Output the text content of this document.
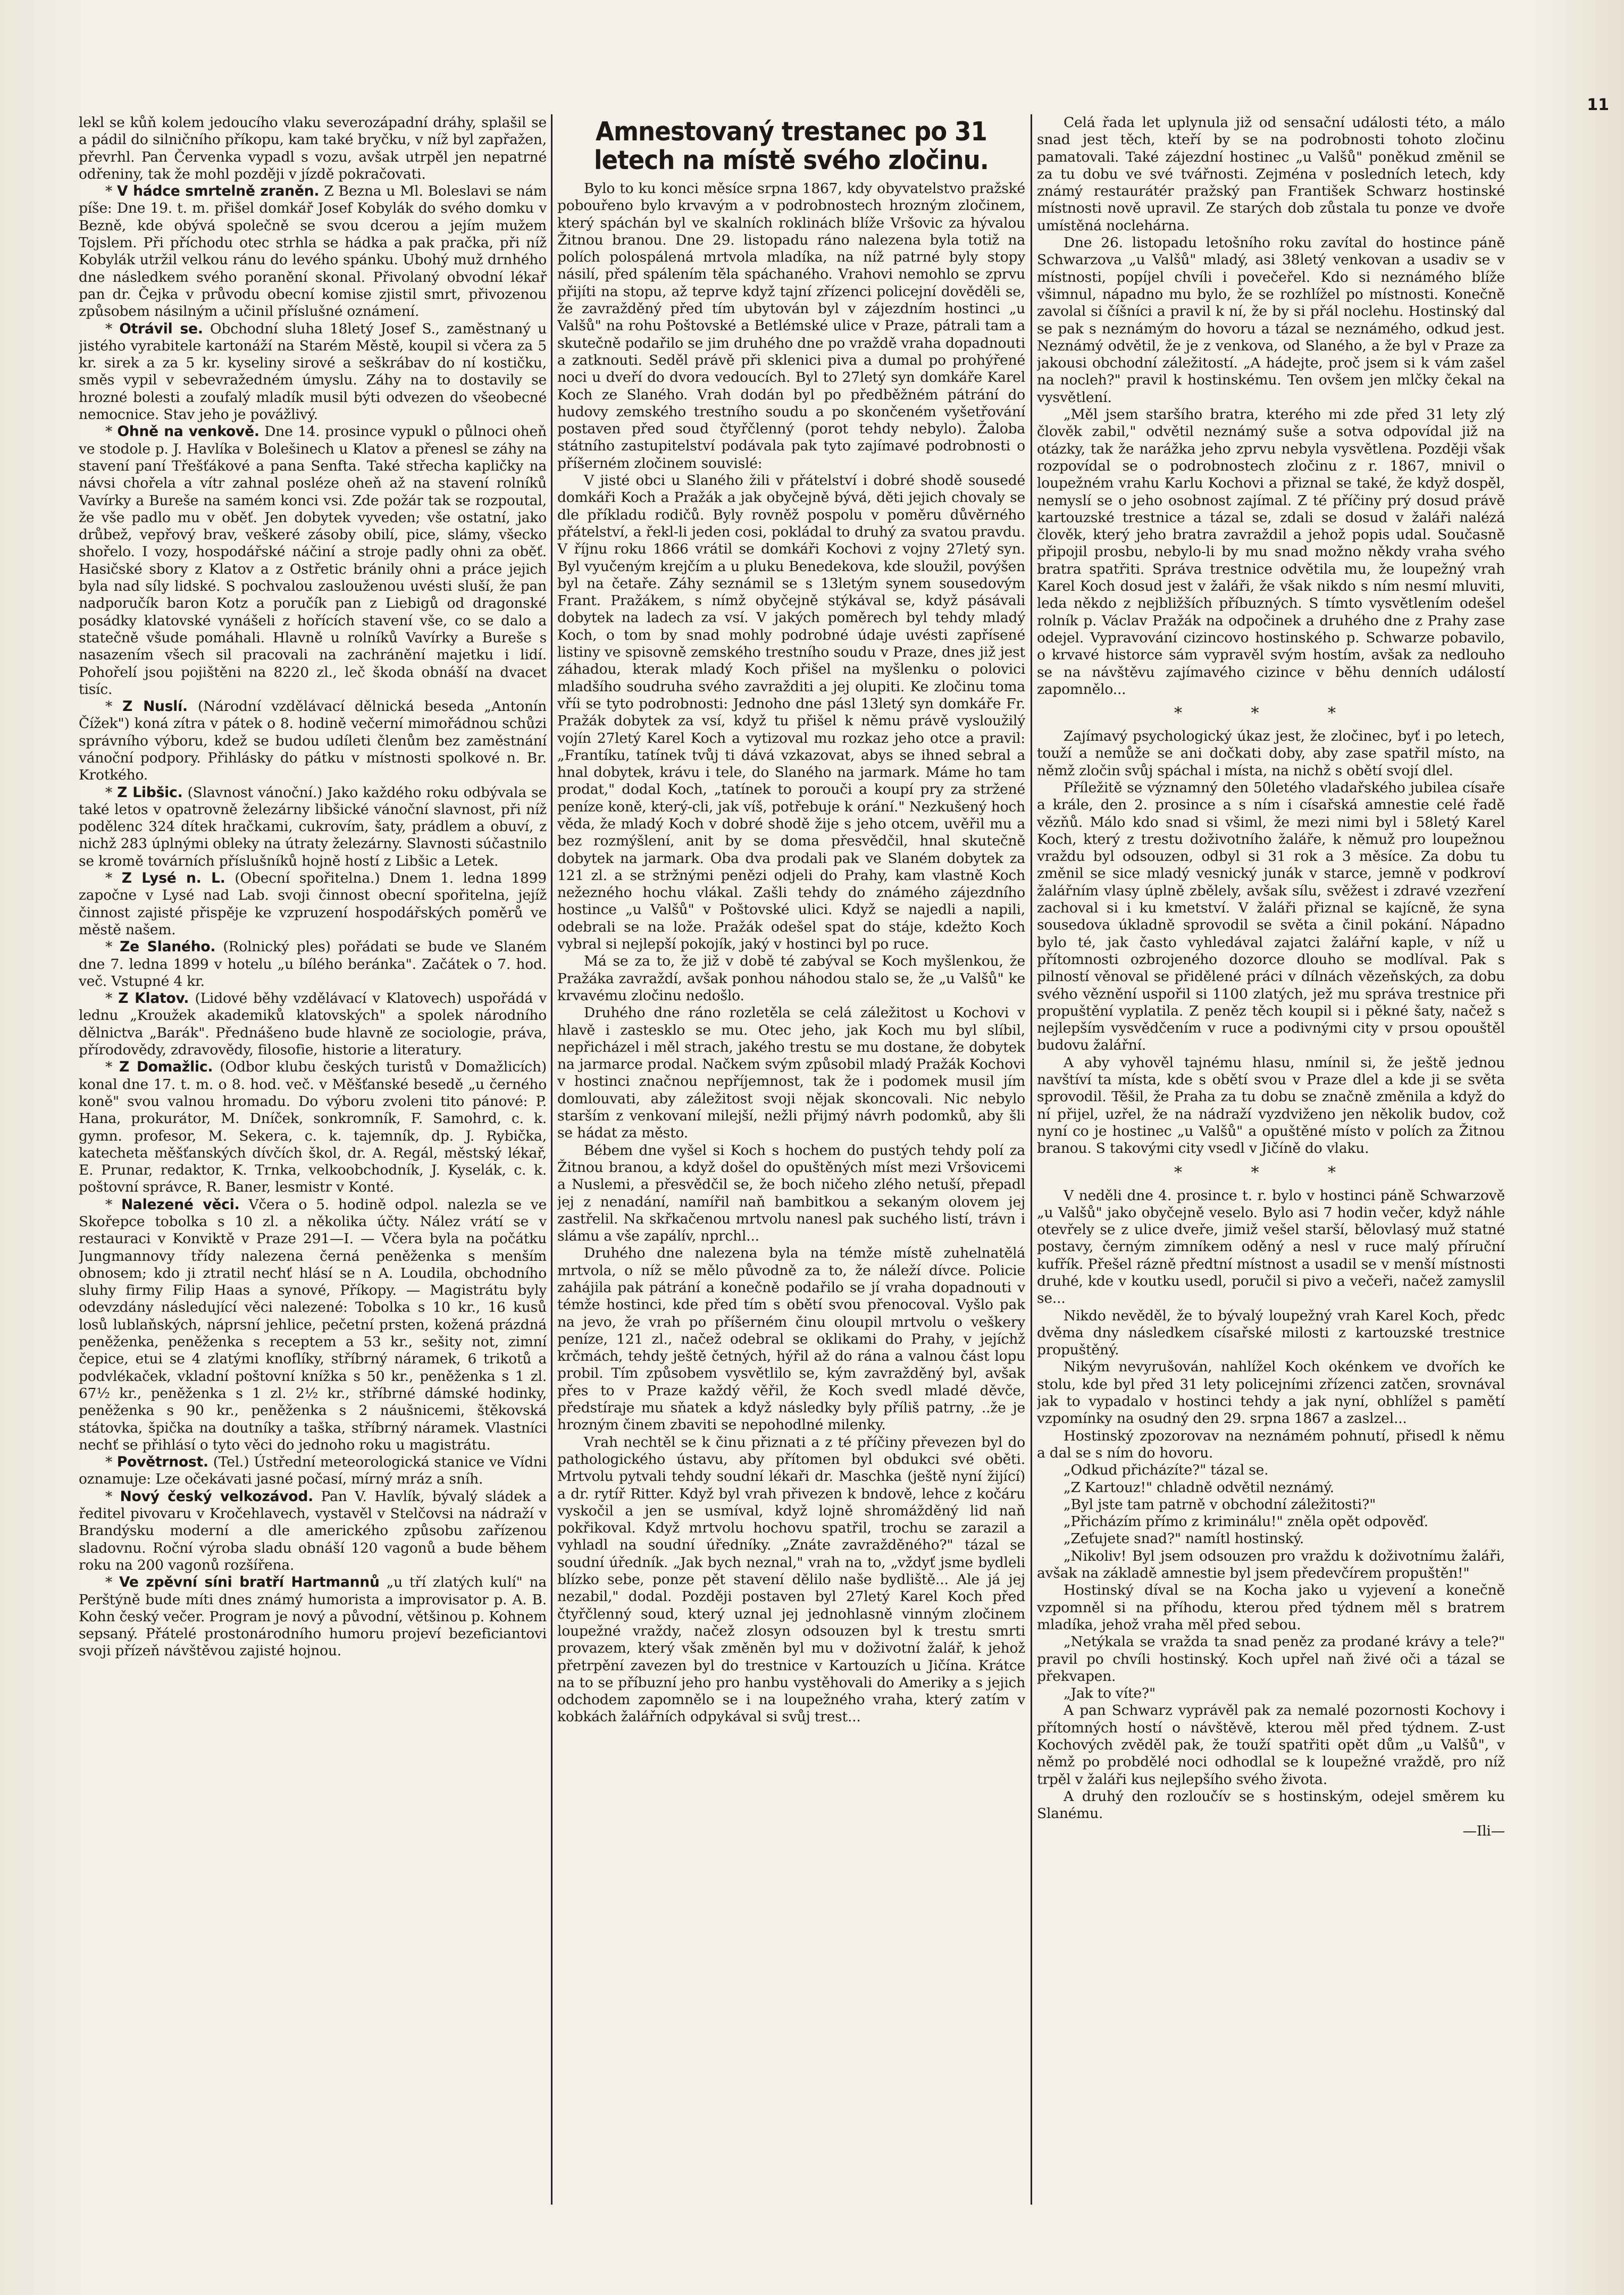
11

lekl se kůň kolem jedoucího vlaku severozápadní dráhy, splašil se a pádil do silničního příkopu, kam také bryčku, v níž byl zapřažen, převrhl. Pan Červenka vypadl s vozu, avšak utrpěl jen nepatrné odřeniny, tak že mohl později v jízdě pokračovati.

* V hádce smrtelně zraněn. Z Bezna u Ml. Boleslavi se nám píše: Dne 19. t. m. přišel domkář Josef Kobylák do svého domku v Bezně, kde obývá společně se svou dcerou a jejím mužem Tojslem. Při příchodu otec strhla se hádka a pak pračka, při níž Kobylák utržil velkou ránu do levého spánku. Ubohý muž drnhého dne následkem svého poranění skonal. Přivolaný obvodní lékař pan dr. Čejka v průvodu obecní komise zjistil smrt, přivozenou způsobem násilným a učinil příslušné oznámení.

* Otrávil se. Obchodní sluha 18letý Josef S., zaměstnaný u jistého vyrabitele kartonáží na Starém Městě, koupil si včera za 5 kr. sirek a za 5 kr. kyseliny sirové a seškrábav do ní kostičku, směs vypil v sebevražedném úmyslu. Záhy na to dostavily se hrozné bolesti a zoufalý mladík musil býti odvezen do všeobecné nemocnice. Stav jeho je povážlivý.

* Ohně na venkově. Dne 14. prosince vypukl o půlnoci oheň ve stodole p. J. Havlíka v Bolešinech u Klatov a přenesl se záhy na stavení paní Třešťákové a pana Senfta. Také střecha kapličky na návsi chořela a vítr zahnal posléze oheň až na stavení rolníků Vavírky a Bureše na samém konci vsi. Zde požár tak se rozpoutal, že vše padlo mu v oběť. Jen dobytek vyveden; vše ostatní, jako drůbež, vepřový brav, veškeré zásoby obilí, pice, slámy, všecko shořelo. I vozy, hospodářské náčiní a stroje padly ohni za oběť. Hasičské sbory z Klatov a z Ostřetic bránily ohni a práce jejich byla nad síly lidské. S pochvalou zaslouženou uvésti sluší, že pan nadporučík baron Kotz a poručík pan z Liebigů od dragonské posádky klatovské vynášeli z hořících stavení vše, co se dalo a statečně všude pomáhali. Hlavně u rolníků Vavírky a Bureše s nasazením všech sil pracovali na zachránění majetku i lidí. Pohořelí jsou pojištěni na 8220 zl., leč škoda obnáší na dvacet tisíc.

* Z Nuslí. (Národní vzdělávací dělnická beseda „Antonín Čížek") koná zítra v pátek o 8. hodině večerní mimořádnou schůzi správního výboru, kdež se budou udíleti členům bez zaměstnání vánoční podpory. Přihlásky do pátku v místnosti spolkové n. Br. Krotkého.

* Z Libšic. (Slavnost vánoční.) Jako každého roku odbývala se také letos v opatrovně železárny libšické vánoční slavnost, při níž podělenc 324 dítek hračkami, cukrovím, šaty, prádlem a obuví, z nichž 283 úplnými obleky na útraty železárny. Slavnosti súčastnilo se kromě továrních příslušníků hojně hostí z Libšic a Letek.

* Z Lysé n. L. (Obecní spořitelna.) Dnem 1. ledna 1899 započne v Lysé nad Lab. svoji činnost obecní spořitelna, jejíž činnost zajisté přispěje ke vzpruzení hospodářských poměrů ve městě našem.

* Ze Slaného. (Rolnický ples) pořádati se bude ve Slaném dne 7. ledna 1899 v hotelu „u bílého beránka". Začátek o 7. hod. več. Vstupné 4 kr.

* Z Klatov. (Lidové běhy vzdělávací v Klatovech) uspořádá v lednu „Kroužek akademiků klatovských" a spolek národního dělnictva „Barák". Přednášeno bude hlavně ze sociologie, práva, přírodovědy, zdravovědy, filosofie, historie a literatury.

* Z Domažlic. (Odbor klubu českých turistů v Domažlicích) konal dne 17. t. m. o 8. hod. več. v Měšťanské besedě „u černého koně" svou valnou hromadu. Do výboru zvoleni tito pánové: P. Hana, prokurátor, M. Dníček, sonkromník, F. Samohrd, c. k. gymn. profesor, M. Sekera, c. k. tajemník, dp. J. Rybička, katecheta měšťanských dívčích škol, dr. A. Regál, městský lékař, E. Prunar, redaktor, K. Trnka, velkoobchodník, J. Kyselák, c. k. poštovní správce, R. Baner, lesmistr v Konté.

* Nalezené věci. Včera o 5. hodině odpol. nalezla se ve Skořepce tobolka s 10 zl. a několika účty. Nález vrátí se v restauraci v Konviktě v Praze 291—I. — Včera byla na počátku Jungmannovy třídy nalezena černá peněženka s menším obnosem; kdo ji ztratil nechť hlásí se n A. Loudila, obchodního sluhy firmy Filip Haas a synové, Příkopy. — Magistrátu byly odevzdány následující věci nalezené: Tobolka s 10 kr., 16 kusů losů lublaňských, náprsní jehlice, pečetní prsten, kožená prázdná peněženka, peněženka s receptem a 53 kr., sešity not, zimní čepice, etui se 4 zlatými knoflíky, stříbrný náramek, 6 trikotů a podvlékaček, vkladní poštovní knížka s 50 kr., peněženka s 1 zl. 67½ kr., peněženka s 1 zl. 2½ kr., stříbrné dámské hodinky, peněženka s 90 kr., peněženka s 2 náušnicemi, štěkovská státovka, špička na doutníky a taška, stříbrný náramek. Vlastníci nechť se přihlásí o tyto věci do jednoho roku u magistrátu.

* Povětrnost. (Tel.) Ústřední meteorologická stanice ve Vídni oznamuje: Lze očekávati jasné počasí, mírný mráz a sníh.

* Nový český velkozávod. Pan V. Havlík, bývalý sládek a ředitel pivovaru v Kročehlavech, vystavěl v Stelčovsi na nádraží v Brandýsku moderní a dle amerického způsobu zařízenou sladovnu. Roční výroba sladu obnáší 120 vagonů a bude během roku na 200 vagonů rozšířena.

* Ve zpěvní síni bratří Hartmannů „u tří zlatých kulí" na Perštýně bude míti dnes známý humorista a improvisator p. A. B. Kohn český večer. Program je nový a původní, většinou p. Kohnem sepsaný. Přátelé prostonárodního humoru projeví bezeficiantovi svoji přízeň návštěvou zajisté hojnou.

Amnestovaný trestanec po 31 letech na místě svého zločinu.

Bylo to ku konci měsíce srpna 1867, kdy obyvatelstvo pražské pobouřeno bylo krvavým a v podrobnostech hrozným zločinem, který spáchán byl ve skalních roklinách blíže Vršovic za hývalou Žitnou branou. Dne 29. listopadu ráno nalezena byla totiž na polích polospálená mrtvola mladíka, na níž patrné byly stopy násilí, před spálením těla spáchaného. Vrahovi nemohlo se zprvu přijíti na stopu, až teprve když tajní zřízenci policejní dověděli se, že zavražděný před tím ubytován byl v zájezdním hostinci „u Valšů" na rohu Poštovské a Betlémské ulice v Praze, pátrali tam a skutečně podařilo se jim druhého dne po vraždě vraha dopadnouti a zatknouti. Seděl právě při sklenici piva a dumal po prohýřené noci u dveří do dvora vedoucích. Byl to 27letý syn domkáře Karel Koch ze Slaného. Vrah dodán byl po předběžném pátrání do hudovy zemského trestního soudu a po skončeném vyšetřování postaven před soud čtyřčlenný (porot tehdy nebylo). Žaloba státního zastupitelství podávala pak tyto zajímavé podrobnosti o příšerném zločinem souvislé:

V jisté obci u Slaného žili v přátelství i dobré shodě sousedé domkáři Koch a Pražák a jak obyčejně bývá, děti jejich chovaly se dle příkladu rodičů. Byly rovněž pospolu v poměru důvěrného přátelství, a řekl-li jeden cosi, pokládal to druhý za svatou pravdu. V říjnu roku 1866 vrátil se domkáři Kochovi z vojny 27letý syn. Byl vyučeným krejčím a u pluku Benedekova, kde sloužil, povýšen byl na četaře. Záhy seznámil se s 13letým synem sousedovým Frant. Pražákem, s nímž obyčejně stýkával se, když pásávali dobytek na ladech za vsí. V jakých poměrech byl tehdy mladý Koch, o tom by snad mohly podrobné údaje uvésti zapřísené listiny ve spisovně zemského trestního soudu v Praze, dnes již jest záhadou, kterak mladý Koch přišel na myšlenku o polovici mladšího soudruha svého zavražditi a jej olupiti. Ke zločinu toma vříi se tyto podrobnosti: Jednoho dne pásl 13letý syn domkáře Fr. Pražák dobytek za vsí, když tu přišel k němu právě vysloužilý vojín 27letý Karel Koch a vytizoval mu rozkaz jeho otce a pravil: „Frantíku, tatínek tvůj ti dává vzkazovat, abys se ihned sebral a hnal dobytek, krávu i tele, do Slaného na jarmark. Máme ho tam prodat," dodal Koch, „tatínek to porouči a koupí pry za stržené peníze koně, který-cli, jak víš, potřebuje k orání." Nezkušený hoch věda, že mladý Koch v dobré shodě žije s jeho otcem, uvěřil mu a bez rozmýšlení, anit by se doma přesvědčil, hnal skutečně dobytek na jarmark. Oba dva prodali pak ve Slaném dobytek za 121 zl. a se stržnými penězi odjeli do Prahy, kam vlastně Koch nežezného hochu vlákal. Zašli tehdy do známého zájezdního hostince „u Valšů" v Poštovské ulici. Když se najedli a napili, odebrali se na lože. Pražák odešel spat do stáje, kdežto Koch vybral si nejlepší pokojík, jaký v hostinci byl po ruce.

Má se za to, že již v době té zabýval se Koch myšlenkou, že Pražáka zavraždí, avšak ponhou náhodou stalo se, že „u Valšů" ke krvavému zločinu nedošlo.

Druhého dne ráno rozletěla se celá záležitost u Kochovi v hlavě i zastesklo se mu. Otec jeho, jak Koch mu byl slíbil, nepřicházel i měl strach, jakého trestu se mu dostane, že dobytek na jarmarce prodal. Načkem svým způsobil mladý Pražák Kochovi v hostinci značnou nepříjemnost, tak že i podomek musil jím domlouvati, aby záležitost svoji nějak skoncovali. Nic nebylo starším z venkovaní milejší, nežli přijmý návrh podomků, aby šli se hádat za město.

Bébem dne vyšel si Koch s hochem do pustých tehdy polí za Žitnou branou, a když došel do opuštěných míst mezi Vršovicemi a Nuslemi, a přesvědčil se, že boch ničeho zlého netuší, přepadl jej z nenadání, namířil naň bambitkou a sekaným olovem jej zastřelil. Na skřkačenou mrtvolu nanesl pak suchého listí, trávn i slámu a vše zapálív, nprchl...

Druhého dne nalezena byla na témže místě zuhelnatělá mrtvola, o níž se mělo původně za to, že náleží dívce. Policie zahájila pak pátrání a konečně podařilo se jí vraha dopadnouti v témže hostinci, kde před tím s obětí svou přenocoval. Vyšlo pak na jevo, že vrah po příšerném činu oloupil mrtvolu o veškery peníze, 121 zl., načež odebral se oklikami do Prahy, v jejíchž krčmách, tehdy ještě četných, hýřil až do rána a valnou část lopu probil. Tím způsobem vysvětlilo se, kým zavražděný byl, avšak přes to v Praze každý věřil, že Koch svedl mladé děvče, předstíraje mu sňatek a když následky byly příliš patrny, ..že je hrozným činem zbaviti se nepohodlné milenky.

Vrah nechtěl se k činu přiznati a z té příčiny převezen byl do pathologického ústavu, aby přítomen byl obdukci své oběti. Mrtvolu pytvali tehdy soudní lékaři dr. Maschka (ještě nyní žijící) a dr. rytíř Ritter. Když byl vrah přivezen k bndově, lehce z kočáru vyskočil a jen se usmíval, když lojně shromážděný lid naň pokřikoval. Když mrtvolu hochovu spatřil, trochu se zarazil a vyhladl na soudní úředníky. „Znáte zavražděného?" tázal se soudní úředník. „Jak bych neznal," vrah na to, „vždyť jsme bydleli blízko sebe, ponze pět stavení dělilo naše bydliště... Ale já jej nezabil," dodal. Později postaven byl 27letý Karel Koch před čtyřčlenný soud, který uznal jej jednohlasně vinným zločinem loupežné vraždy, načež zlosyn odsouzen byl k trestu smrti provazem, který však změněn byl mu v doživotní žalář, k jehož přetrpění zavezen byl do trestnice v Kartouzích u Jičína. Krátce na to se příbuzní jeho pro hanbu vystěhovali do Ameriky a s jejich odchodem zapomnělo se i na loupežného vraha, který zatím v kobkách žalářních odpykával si svůj trest...

Celá řada let uplynula již od sensační události této, a málo snad jest těch, kteří by se na podrobnosti tohoto zločinu pamatovali. Také zájezdní hostinec „u Valšů" poněkud změnil se za tu dobu ve své tvářnosti. Zejména v posledních letech, kdy známý restaurátér pražský pan František Schwarz hostinské místnosti nově upravil. Ze starých dob zůstala tu ponze ve dvoře umístěná noclehárna.

Dne 26. listopadu letošního roku zavítal do hostince páně Schwarzova „u Valšů" mladý, asi 38letý venkovan a usadiv se v místnosti, popíjel chvíli i povečeřel. Kdo si neznámého blíže všimnul, nápadno mu bylo, že se rozhlížel po místnosti. Konečně zavolal si číšníci a pravil k ní, že by si přál noclehu. Hostinský dal se pak s neznámým do hovoru a tázal se neznámého, odkud jest. Neznámý odvětil, že je z venkova, od Slaného, a že byl v Praze za jakousi obchodní záležitostí. „A hádejte, proč jsem si k vám zašel na nocleh?" pravil k hostinskému. Ten ovšem jen mlčky čekal na vysvětlení.

„Měl jsem staršího bratra, kterého mi zde před 31 lety zlý člověk zabil," odvětil neznámý suše a sotva odpovídal již na otázky, tak že narážka jeho zprvu nebyla vysvětlena. Později však rozpovídal se o podrobnostech zločinu z r. 1867, mnivil o loupežném vrahu Karlu Kochovi a přiznal se také, že když dospěl, nemyslí se o jeho osobnost zajímal. Z té příčiny prý dosud právě kartouzské trestnice a tázal se, zdali se dosud v žaláři nalézá člověk, který jeho bratra zavraždil a jehož popis udal. Současně připojil prosbu, nebylo-li by mu snad možno někdy vraha svého bratra spatřiti. Správa trestnice odvětila mu, že loupežný vrah Karel Koch dosud jest v žaláři, že však nikdo s ním nesmí mluviti, leda někdo z nejbližších příbuzných. S tímto vysvětlením odešel rolník p. Václav Pražák na odpočinek a druhého dne z Prahy zase odejel. Vypravování cizincovo hostinského p. Schwarze pobavilo, o krvavé historce sám vypravěl svým hostím, avšak za nedlouho se na návštěvu zajímavého cizince v běhu denních událostí zapomnělo...

* * *

Zajímavý psychologický úkaz jest, že zločinec, byť i po letech, touží a nemůže se ani dočkati doby, aby zase spatřil místo, na němž zločin svůj spáchal i místa, na nichž s obětí svojí dlel.

Příležitě se významný den 50letého vladařského jubilea císaře a krále, den 2. prosince a s ním i císařská amnestie celé řadě vězňů. Málo kdo snad si všiml, že mezi nimi byl i 58letý Karel Koch, který z trestu doživotního žaláře, k němuž pro loupežnou vraždu byl odsouzen, odbyl si 31 rok a 3 měsíce. Za dobu tu změnil se sice mladý vesnický junák v starce, jemně v podkroví žalářním vlasy úplně zbělely, avšak sílu, svěžest i zdravé vzezření zachoval si i ku kmetství. V žaláři přiznal se kajícně, že syna sousedova úkladně sprovodil se světa a činil pokání. Nápadno bylo té, jak často vyhledával zajatci žalářní kaple, v níž u přítomnosti ozbrojeného dozorce dlouho se modlíval. Pak s pilností věnoval se přidělené práci v dílnách vězeňských, za dobu svého věznění uspořil si 1100 zlatých, jež mu správa trestnice při propuštění vyplatila. Z peněz těch koupil si i pěkné šaty, načež s nejlepším vysvědčením v ruce a podivnými city v prsou opouštěl budovu žalářní.

A aby vyhověl tajnému hlasu, nmínil si, že ještě jednou navštíví ta místa, kde s obětí svou v Praze dlel a kde ji se světa sprovodil. Těšil, že Praha za tu dobu se značně změnila a když do ní přijel, uzřel, že na nádraží vyzdviženo jen několik budov, což nyní co je hostinec „u Valšů" a opuštěné místo v polích za Žitnou branou. S takovými city vsedl v Jičíně do vlaku.

* * *

V neděli dne 4. prosince t. r. bylo v hostinci páně Schwarzově „u Valšů" jako obyčejně veselo. Bylo asi 7 hodin večer, když náhle otevřely se z ulice dveře, jimiž vešel starší, bělovlasý muž statné postavy, černým zimníkem oděný a nesl v ruce malý příruční kufřík. Přešel rázně předtní místnost a usadil se v menší místnosti druhé, kde v koutku usedl, poručil si pivo a večeři, načež zamyslil se...

Nikdo nevěděl, že to bývalý loupežný vrah Karel Koch, předc dvěma dny následkem císařské milosti z kartouzské trestnice propuštěný.

Nikým nevyrušován, nahlížel Koch okénkem ve dvořích ke stolu, kde byl před 31 lety policejními zřízenci zatčen, srovnával jak to vypadalo v hostinci tehdy a jak nyní, obhlížel s pamětí vzpomínky na osudný den 29. srpna 1867 a zaslzel...

Hostinský zpozorovav na neznámém pohnutí, přisedl k němu a dal se s ním do hovoru.

„Odkud přicházíte?" tázal se.

„Z Kartouz!" chladně odvětil neznámý.

„Byl jste tam patrně v obchodní záležitosti?"

„Přicházím přímo z kriminálu!" zněla opět odpověď.

„Zeťujete snad?" namítl hostinský.

„Nikoliv! Byl jsem odsouzen pro vraždu k doživotnímu žaláři, avšak na základě amnestie byl jsem předevčírem propuštěn!"

Hostinský díval se na Kocha jako u vyjevení a konečně vzpomněl si na příhodu, kterou před týdnem měl s bratrem mladíka, jehož vraha měl před sebou.

„Netýkala se vražda ta snad peněz za prodané krávy a tele?" pravil po chvíli hostinský. Koch upřel naň živé oči a tázal se překvapen.

„Jak to víte?"

A pan Schwarz vyprávěl pak za nemalé pozornosti Kochovy i přítomných hostí o návštěvě, kterou měl před týdnem. Z-ust Kochových zvěděl pak, že touží spatřiti opět dům „u Valšů", v němž po probdělé noci odhodlal se k loupežné vraždě, pro níž trpěl v žaláři kus nejlepšího svého života.

A druhý den rozloučív se s hostinským, odejel směrem ku Slanému.

—Ili—
